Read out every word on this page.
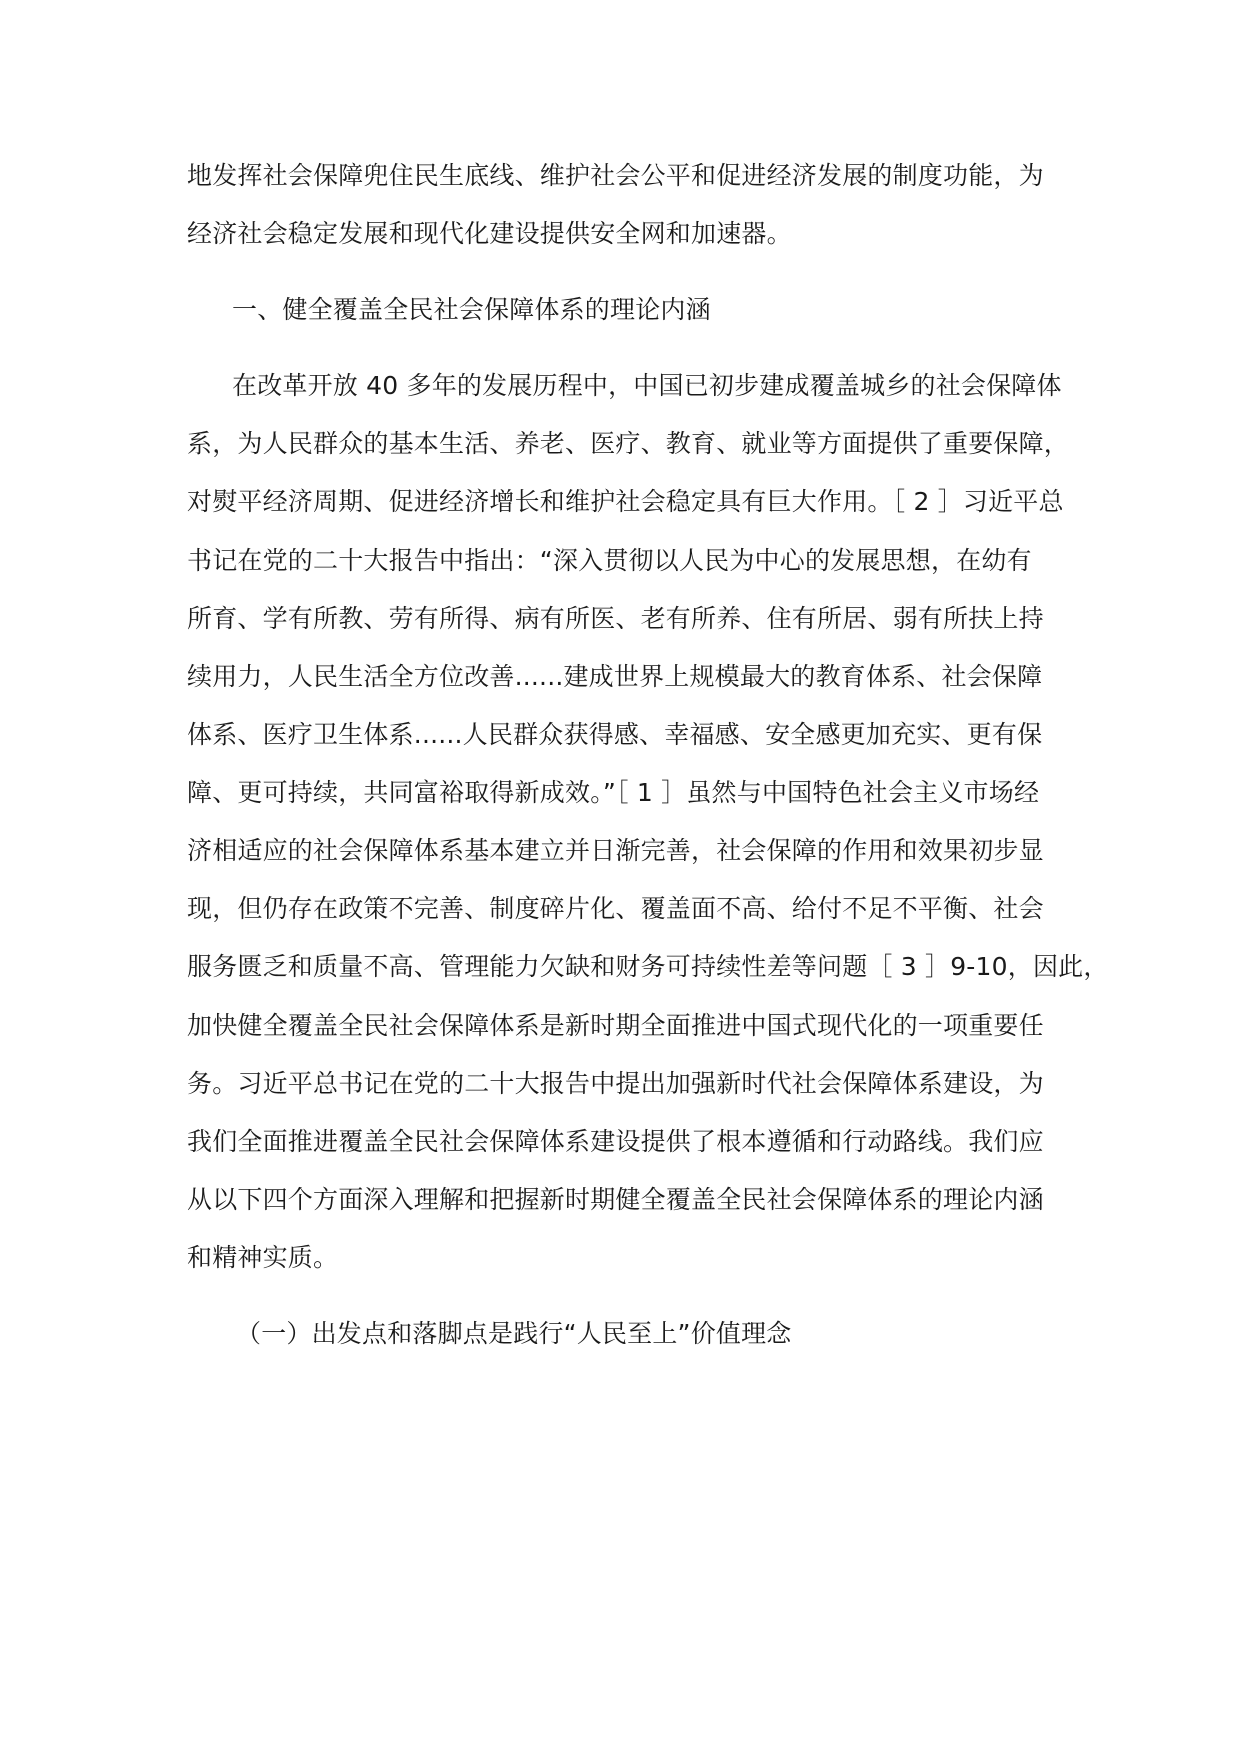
地发挥社会保障兜住民生底线、维护社会公平和促进经济发展的制度功能，为
经济社会稳定发展和现代化建设提供安全网和加速器。
一、健全覆盖全民社会保障体系的理论内涵
在改革开放 40 多年的发展历程中，中国已初步建成覆盖城乡的社会保障体
系，为人民群众的基本生活、养老、医疗、教育、就业等方面提供了重要保障，
对熨平经济周期、促进经济增长和维护社会稳定具有巨大作用。［ 2 ］习近平总
书记在党的二十大报告中指出：“深入贯彻以人民为中心的发展思想，在幼有
所育、学有所教、劳有所得、病有所医、老有所养、住有所居、弱有所扶上持
续用力，人民生活全方位改善......建成世界上规模最大的教育体系、社会保障
体系、医疗卫生体系......人民群众获得感、幸福感、安全感更加充实、更有保
障、更可持续，共同富裕取得新成效。”［ 1 ］虽然与中国特色社会主义市场经
济相适应的社会保障体系基本建立并日渐完善，社会保障的作用和效果初步显
现，但仍存在政策不完善、制度碎片化、覆盖面不高、给付不足不平衡、社会
服务匮乏和质量不高、管理能力欠缺和财务可持续性差等问题［ 3 ］9-10，因此，
加快健全覆盖全民社会保障体系是新时期全面推进中国式现代化的一项重要任
务。习近平总书记在党的二十大报告中提出加强新时代社会保障体系建设，为
我们全面推进覆盖全民社会保障体系建设提供了根本遵循和行动路线。我们应
从以下四个方面深入理解和把握新时期健全覆盖全民社会保障体系的理论内涵
和精神实质。
（一）出发点和落脚点是践行“人民至上”价值理念
